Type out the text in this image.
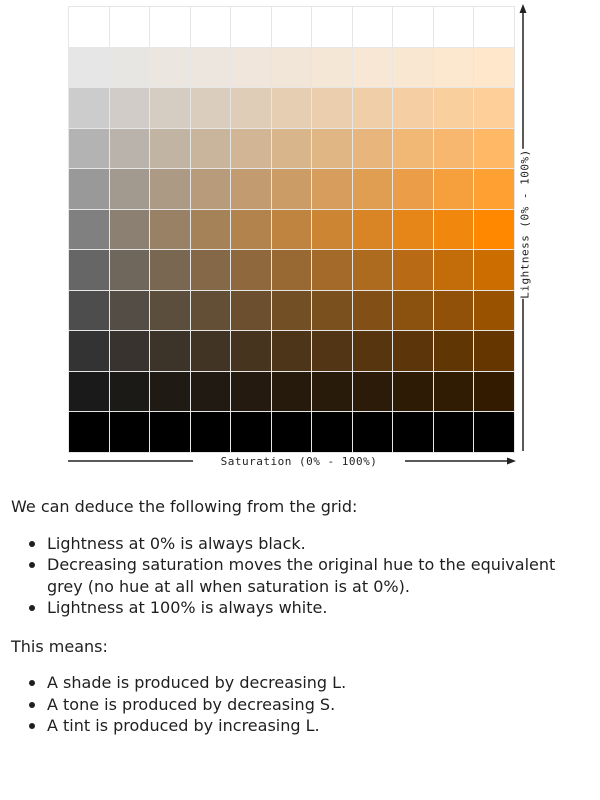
Saturation (0% - 100%)
Lightness (0% - 100%)

We can deduce the following from the grid:

Lightness at 0% is always black.
Decreasing saturation moves the original hue to the equivalent grey (no hue at all when saturation is at 0%).
Lightness at 100% is always white.

This means:

A shade is produced by decreasing L.
A tone is produced by decreasing S.
A tint is produced by increasing L.
